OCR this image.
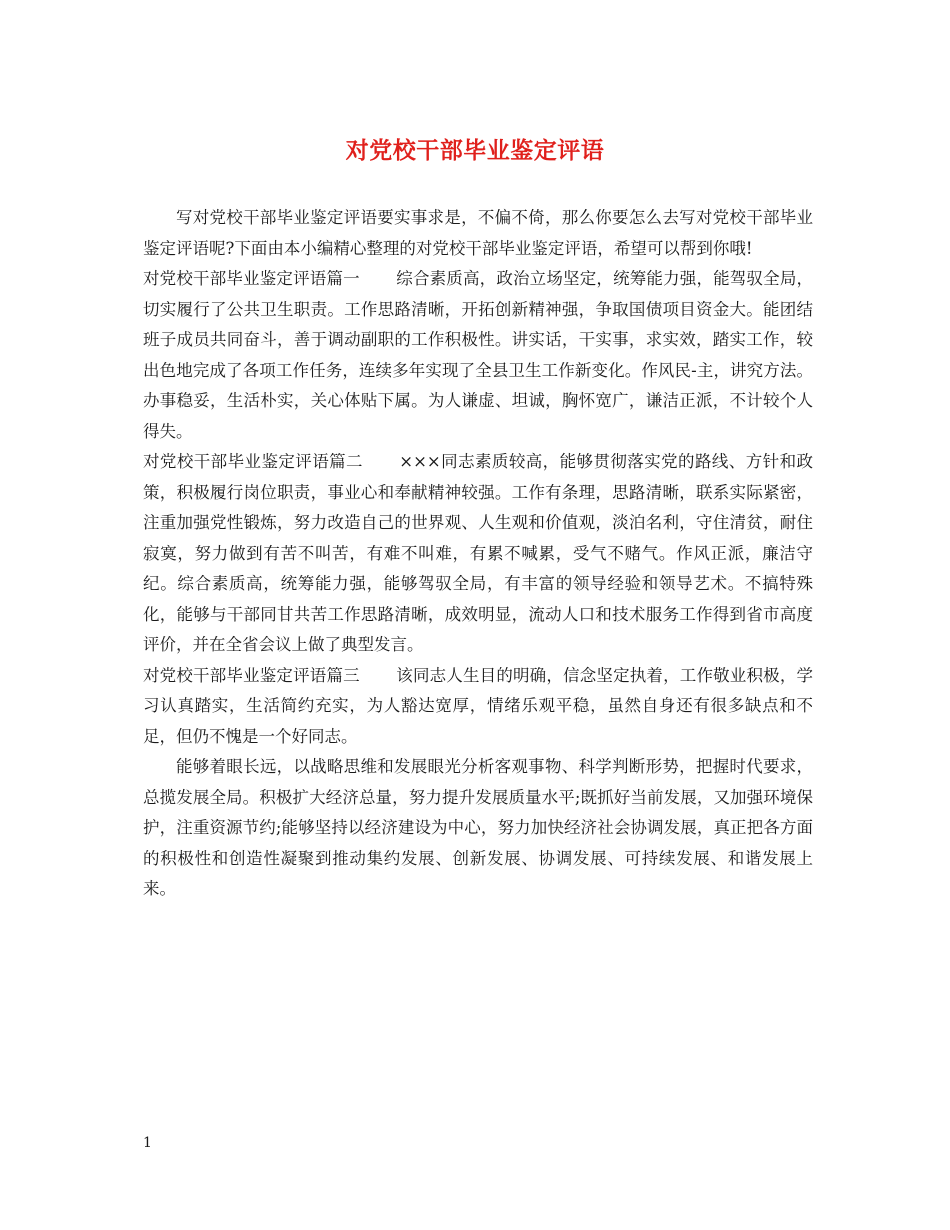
对党校干部毕业鉴定评语

写对党校干部毕业鉴定评语要实事求是，不偏不倚，那么你要怎么去写对党校干部毕业鉴定评语呢?下面由本小编精心整理的对党校干部毕业鉴定评语，希望可以帮到你哦!

对党校干部毕业鉴定评语篇一 综合素质高，政治立场坚定，统筹能力强，能驾驭全局，切实履行了公共卫生职责。工作思路清晰，开拓创新精神强，争取国债项目资金大。能团结班子成员共同奋斗，善于调动副职的工作积极性。讲实话，干实事，求实效，踏实工作，较出色地完成了各项工作任务，连续多年实现了全县卫生工作新变化。作风民-主，讲究方法。办事稳妥，生活朴实，关心体贴下属。为人谦虚、坦诚，胸怀宽广，谦洁正派，不计较个人得失。

对党校干部毕业鉴定评语篇二 ×××同志素质较高，能够贯彻落实党的路线、方针和政策，积极履行岗位职责，事业心和奉献精神较强。工作有条理，思路清晰，联系实际紧密，注重加强党性锻炼，努力改造自己的世界观、人生观和价值观，淡泊名利，守住清贫，耐住寂寞，努力做到有苦不叫苦，有难不叫难，有累不喊累，受气不赌气。作风正派，廉洁守纪。综合素质高，统筹能力强，能够驾驭全局，有丰富的领导经验和领导艺术。不搞特殊化，能够与干部同甘共苦工作思路清晰，成效明显，流动人口和技术服务工作得到省市高度评价，并在全省会议上做了典型发言。

对党校干部毕业鉴定评语篇三 该同志人生目的明确，信念坚定执着，工作敬业积极，学习认真踏实，生活简约充实，为人豁达宽厚，情绪乐观平稳，虽然自身还有很多缺点和不足，但仍不愧是一个好同志。

能够着眼长远，以战略思维和发展眼光分析客观事物、科学判断形势，把握时代要求，总揽发展全局。积极扩大经济总量，努力提升发展质量水平;既抓好当前发展，又加强环境保护，注重资源节约;能够坚持以经济建设为中心，努力加快经济社会协调发展，真正把各方面的积极性和创造性凝聚到推动集约发展、创新发展、协调发展、可持续发展、和谐发展上来。

1
